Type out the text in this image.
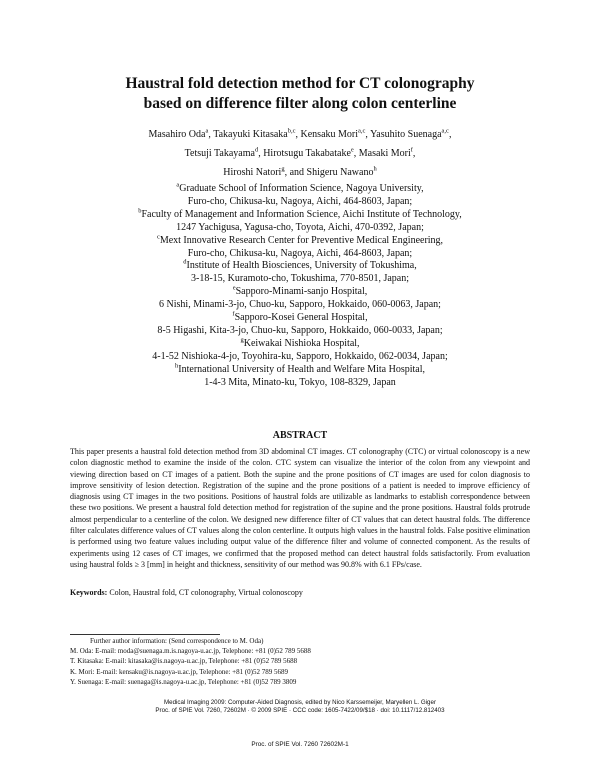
Haustral fold detection method for CT colonography
based on difference filter along colon centerline
Masahiro Oda$^a$, Takayuki Kitasaka$^{b,c}$, Kensaku Mori$^{a,c}$, Yasuhito Suenaga$^{a,c}$,
Tetsuji Takayama$^d$, Hirotsugu Takabatake$^e$, Masaki Mori$^f$,
Hiroshi Natori$^g$, and Shigeru Nawano$^h$
$^a$Graduate School of Information Science, Nagoya University,
Furo-cho, Chikusa-ku, Nagoya, Aichi, 464-8603, Japan;
$^b$Faculty of Management and Information Science, Aichi Institute of Technology,
1247 Yachigusa, Yagusa-cho, Toyota, Aichi, 470-0392, Japan;
$^c$Mext Innovative Research Center for Preventive Medical Engineering,
Furo-cho, Chikusa-ku, Nagoya, Aichi, 464-8603, Japan;
$^d$Institute of Health Biosciences, University of Tokushima,
3-18-15, Kuramoto-cho, Tokushima, 770-8501, Japan;
$^e$Sapporo-Minami-sanjo Hospital,
6 Nishi, Minami-3-jo, Chuo-ku, Sapporo, Hokkaido, 060-0063, Japan;
$^f$Sapporo-Kosei General Hospital,
8-5 Higashi, Kita-3-jo, Chuo-ku, Sapporo, Hokkaido, 060-0033, Japan;
$^g$Keiwakai Nishioka Hospital,
4-1-52 Nishioka-4-jo, Toyohira-ku, Sapporo, Hokkaido, 062-0034, Japan;
$^h$International University of Health and Welfare Mita Hospital,
1-4-3 Mita, Minato-ku, Tokyo, 108-8329, Japan
ABSTRACT
This paper presents a haustral fold detection method from 3D abdominal CT images. CT colonography (CTC) or virtual colonoscopy is a new colon diagnostic method to examine the inside of the colon. CTC system can visualize the interior of the colon from any viewpoint and viewing direction based on CT images of a patient. Both the supine and the prone positions of CT images are used for colon diagnosis to improve sensitivity of lesion detection. Registration of the supine and the prone positions of a patient is needed to improve efficiency of diagnosis using CT images in the two positions. Positions of haustral folds are utilizable as landmarks to establish correspondence between these two positions. We present a haustral fold detection method for registration of the supine and the prone positions. Haustral folds protrude almost perpendicular to a centerline of the colon. We designed new difference filter of CT values that can detect haustral folds. The difference filter calculates difference values of CT values along the colon centerline. It outputs high values in the haustral folds. False positive elimination is performed using two feature values including output value of the difference filter and volume of connected component. As the results of experiments using 12 cases of CT images, we confirmed that the proposed method can detect haustral folds satisfactorily. From evaluation using haustral folds ≥ 3 [mm] in height and thickness, sensitivity of our method was 90.8% with 6.1 FPs/case.
Keywords: Colon, Haustral fold, CT colonography, Virtual colonoscopy
Further author information: (Send correspondence to M. Oda)
M. Oda: E-mail: moda@suenaga.m.is.nagoya-u.ac.jp, Telephone: +81 (0)52 789 5688
T. Kitasaka: E-mail: kitasaka@is.nagoya-u.ac.jp, Telephone: +81 (0)52 789 5688
K. Mori: E-mail: kensaku@is.nagoya-u.ac.jp, Telephone: +81 (0)52 789 5689
Y. Suenaga: E-mail: suenaga@is.nagoya-u.ac.jp, Telephone: +81 (0)52 789 3809
Medical Imaging 2009: Computer-Aided Diagnosis, edited by Nico Karssemeijer, Maryellen L. Giger
Proc. of SPIE Vol. 7260, 72602M · © 2009 SPIE · CCC code: 1605-7422/09/$18 · doi: 10.1117/12.812403
Proc. of SPIE Vol. 7260 72602M-1
